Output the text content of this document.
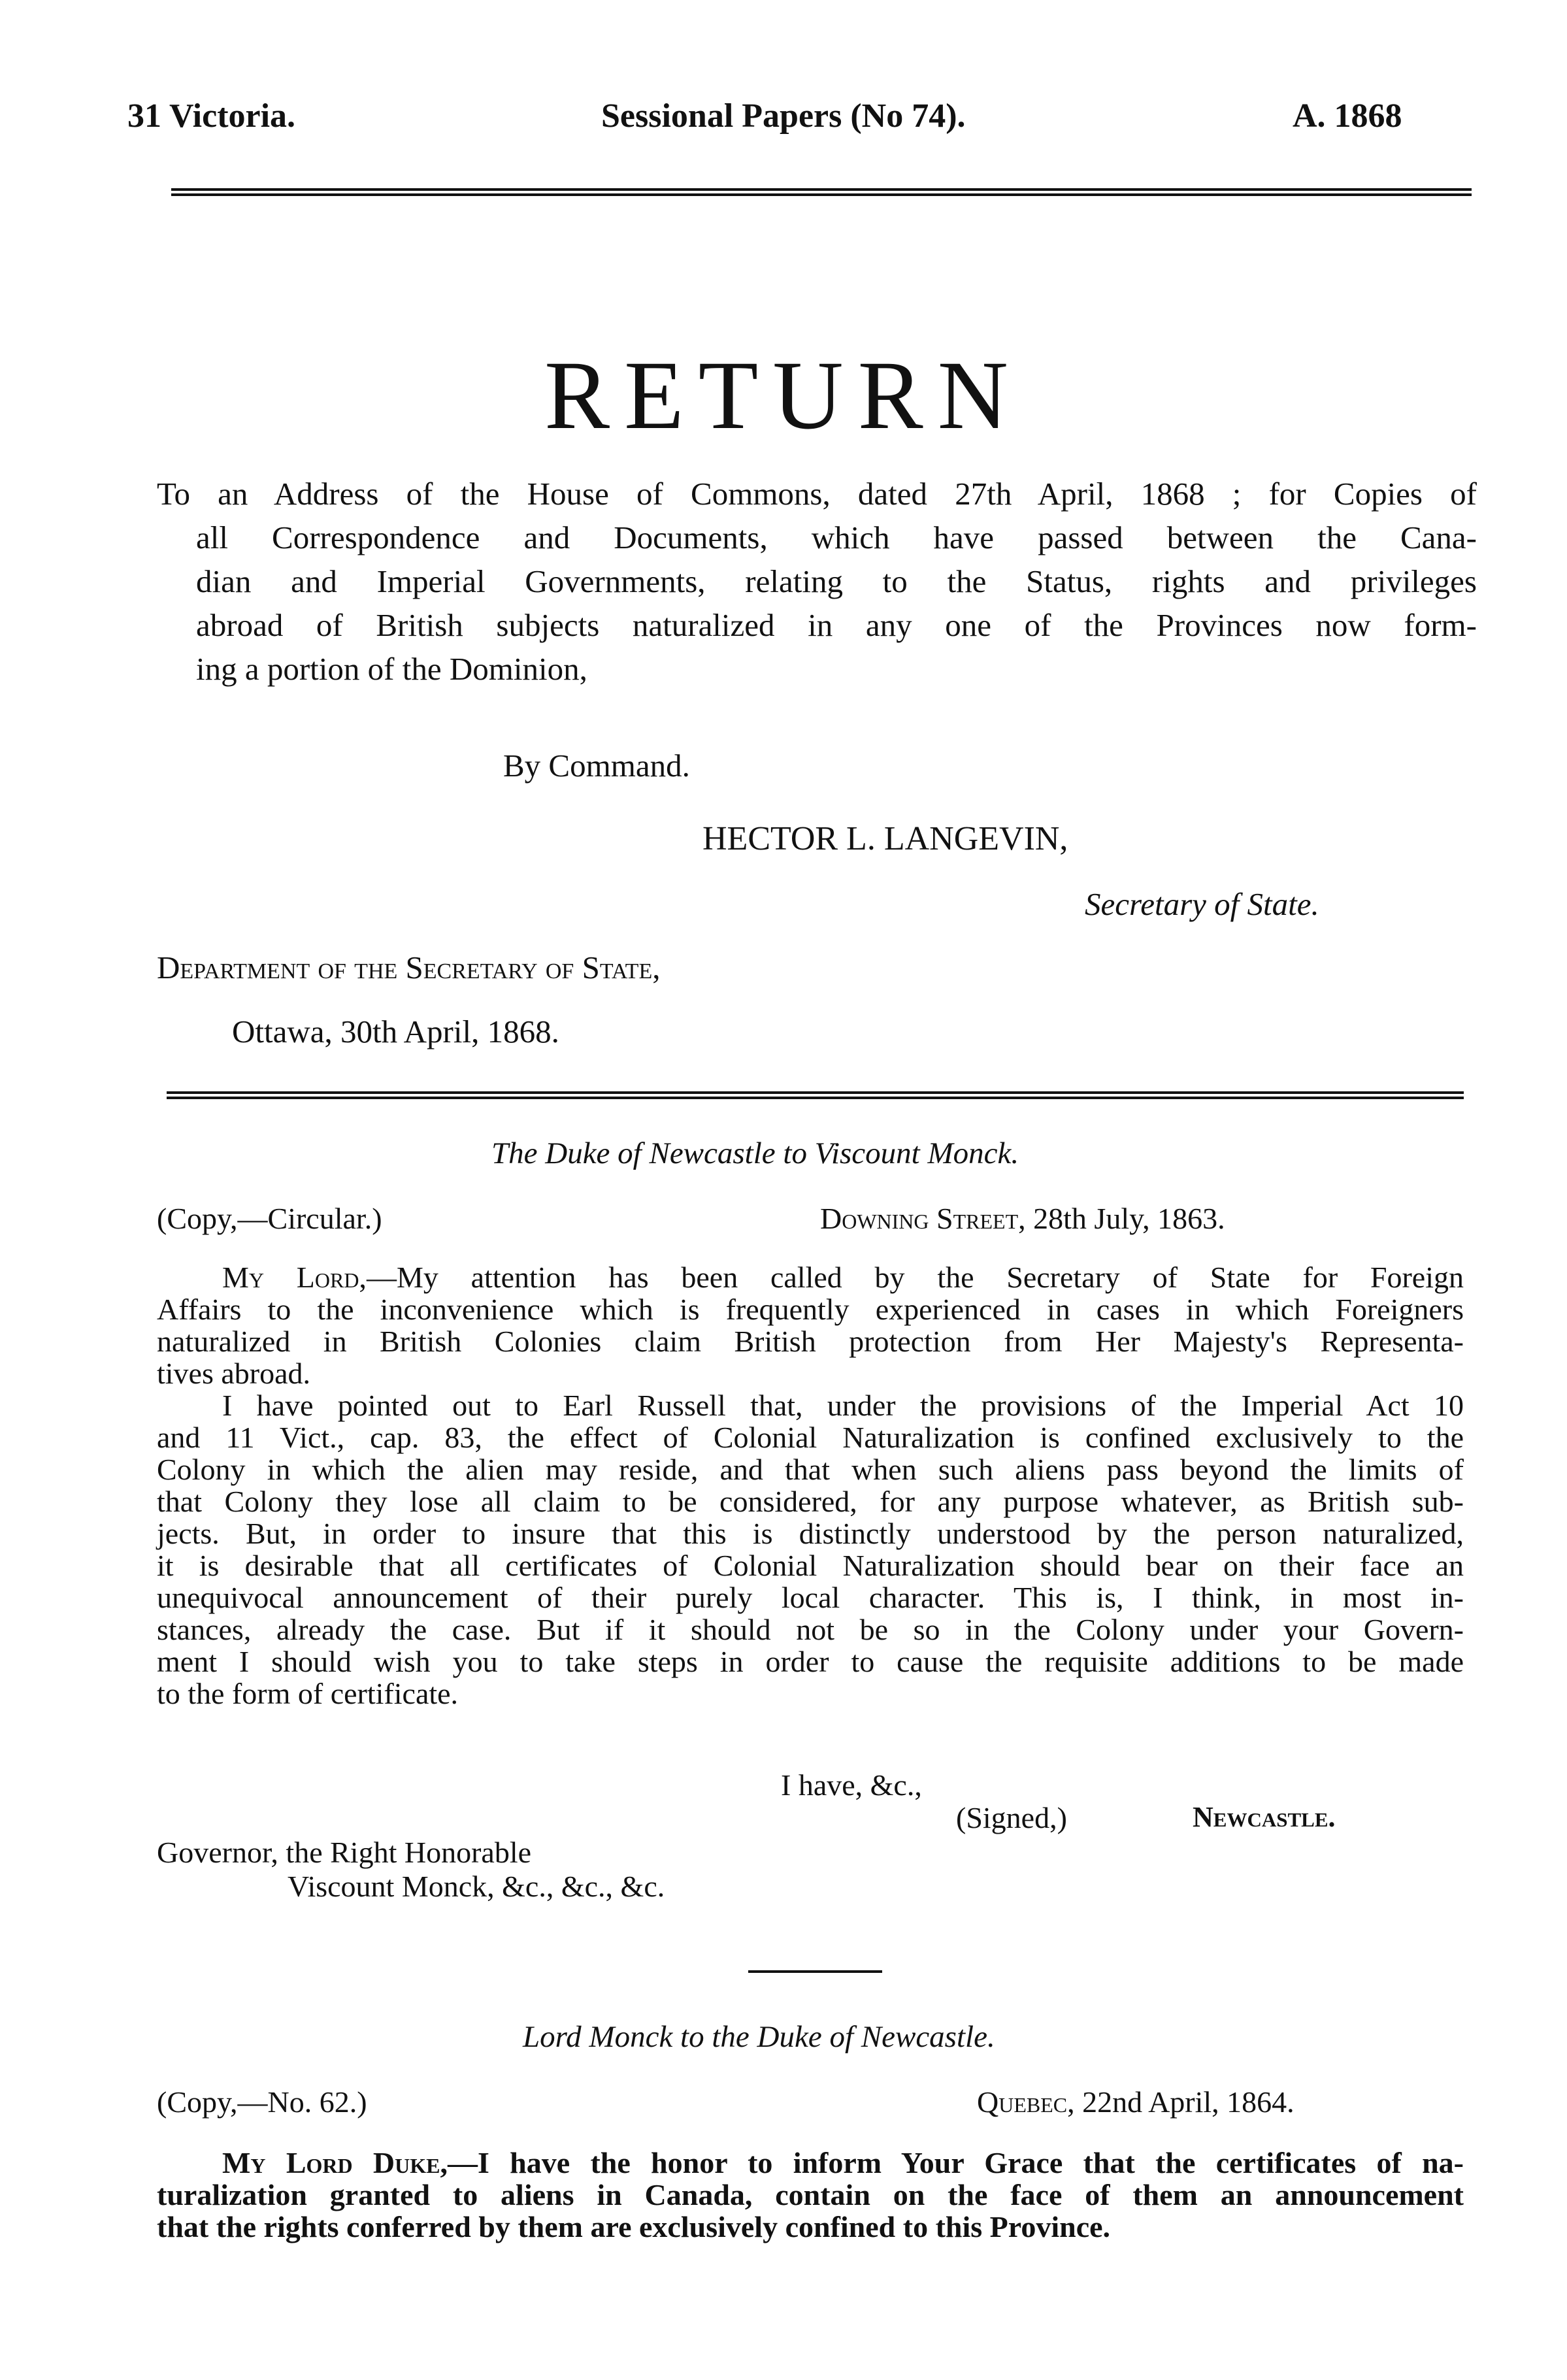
31 Victoria.	Sessional Papers (No 74).	A. 1868
RETURN
To an Address of the House of Commons, dated 27th April, 1868 ; for Copies of
all Correspondence and Documents, which have passed between the Cana-
dian and Imperial Governments, relating to the Status, rights and privileges
abroad of British subjects naturalized in any one of the Provinces now form-
ing a portion of the Dominion,
By Command.
HECTOR L. LANGEVIN,
Secretary of State.
Department of the Secretary of State,
Ottawa, 30th April, 1868.
The Duke of Newcastle to Viscount Monck.
(Copy,—Circular.)	Downing Street, 28th July, 1863.
My Lord,—My attention has been called by the Secretary of State for Foreign
Affairs to the inconvenience which is frequently experienced in cases in which Foreigners
naturalized in British Colonies claim British protection from Her Majesty's Representa-
tives abroad.
I have pointed out to Earl Russell that, under the provisions of the Imperial Act 10
and 11 Vict., cap. 83, the effect of Colonial Naturalization is confined exclusively to the
Colony in which the alien may reside, and that when such aliens pass beyond the limits of
that Colony they lose all claim to be considered, for any purpose whatever, as British sub-
jects. But, in order to insure that this is distinctly understood by the person naturalized,
it is desirable that all certificates of Colonial Naturalization should bear on their face an
unequivocal announcement of their purely local character. This is, I think, in most in-
stances, already the case. But if it should not be so in the Colony under your Govern-
ment I should wish you to take steps in order to cause the requisite additions to be made
to the form of certificate.
I have, &c.,
(Signed,)	Newcastle.
Governor, the Right Honorable
Viscount Monck, &c., &c., &c.
Lord Monck to the Duke of Newcastle.
(Copy,—No. 62.)	Quebec, 22nd April, 1864.
My Lord Duke,—I have the honor to inform Your Grace that the certificates of na-
turalization granted to aliens in Canada, contain on the face of them an announcement
that the rights conferred by them are exclusively confined to this Province.
